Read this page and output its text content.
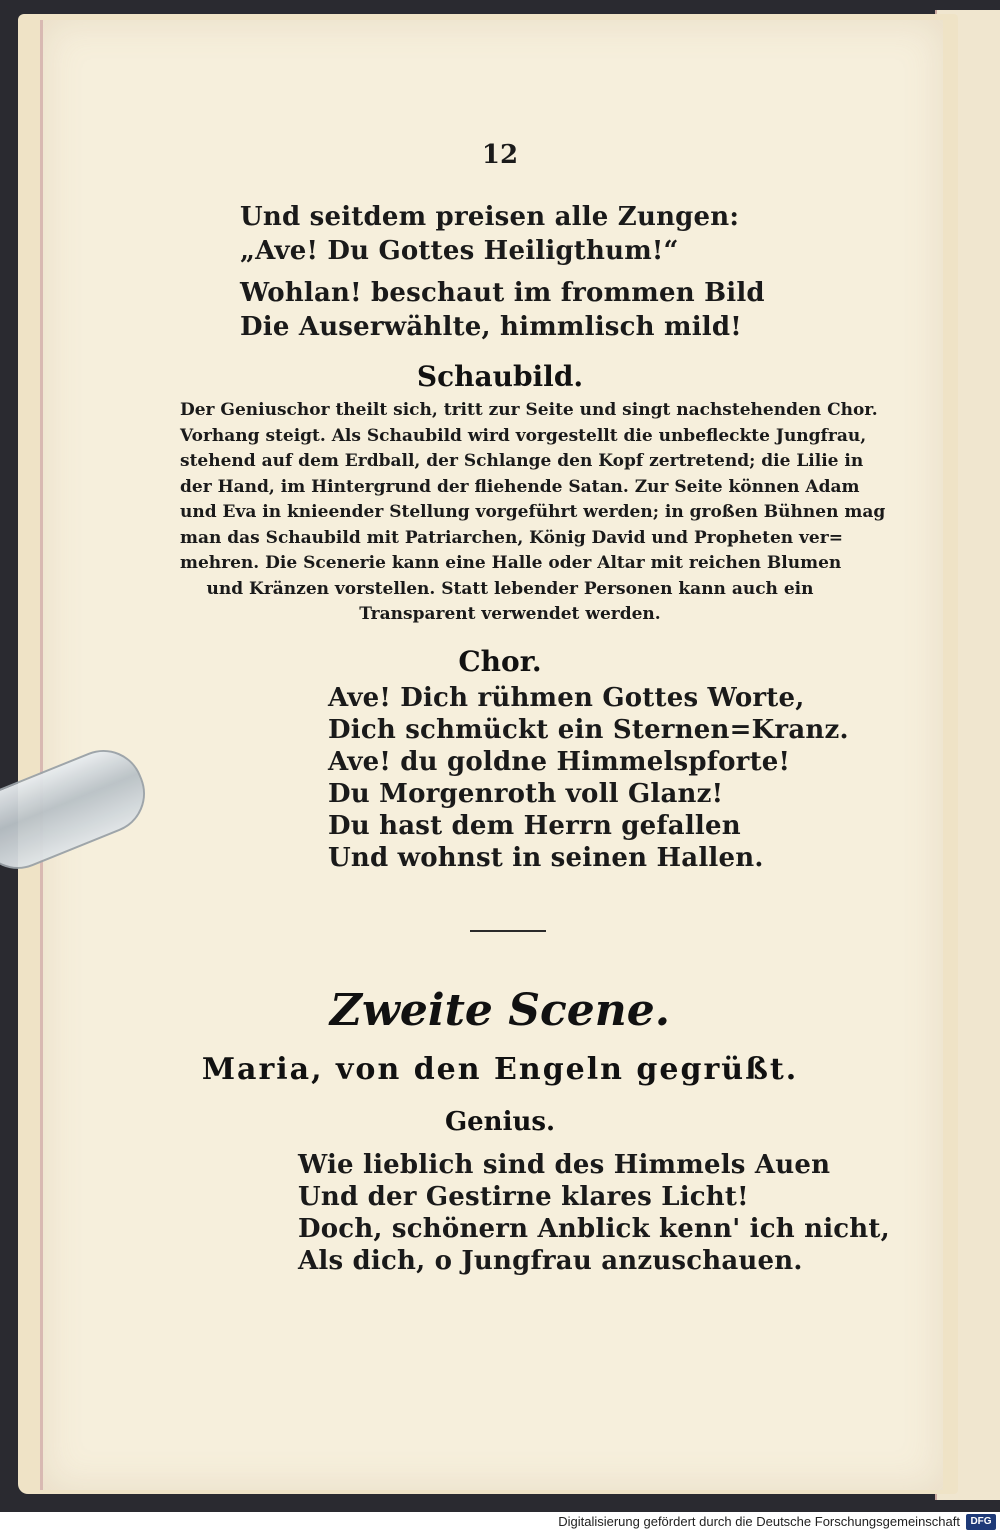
12
Und seitdem preisen alle Zungen:
„Ave! Du Gottes Heiligthum!“
Wohlan! beschaut im frommen Bild
Die Auserwählte, himmlisch mild!
Schaubild.
Der Geniuschor theilt sich, tritt zur Seite und singt nachstehenden Chor.
Vorhang steigt. Als Schaubild wird vorgestellt die unbefleckte Jungfrau,
stehend auf dem Erdball, der Schlange den Kopf zertretend; die Lilie in
der Hand, im Hintergrund der fliehende Satan. Zur Seite können Adam
und Eva in knieender Stellung vorgeführt werden; in großen Bühnen mag
man das Schaubild mit Patriarchen, König David und Propheten ver=
mehren. Die Scenerie kann eine Halle oder Altar mit reichen Blumen
und Kränzen vorstellen. Statt lebender Personen kann auch ein
Transparent verwendet werden.
Chor.
Ave! Dich rühmen Gottes Worte,
Dich schmückt ein Sternen=Kranz.
Ave! du goldne Himmelspforte!
Du Morgenroth voll Glanz!
Du hast dem Herrn gefallen
Und wohnst in seinen Hallen.
Zweite Scene.
Maria, von den Engeln gegrüßt.
Genius.
Wie lieblich sind des Himmels Auen
Und der Gestirne klares Licht!
Doch, schönern Anblick kenn' ich nicht,
Als dich, o Jungfrau anzuschauen.
Digitalisierung gefördert durch die Deutsche Forschungsgemeinschaft	DFG
